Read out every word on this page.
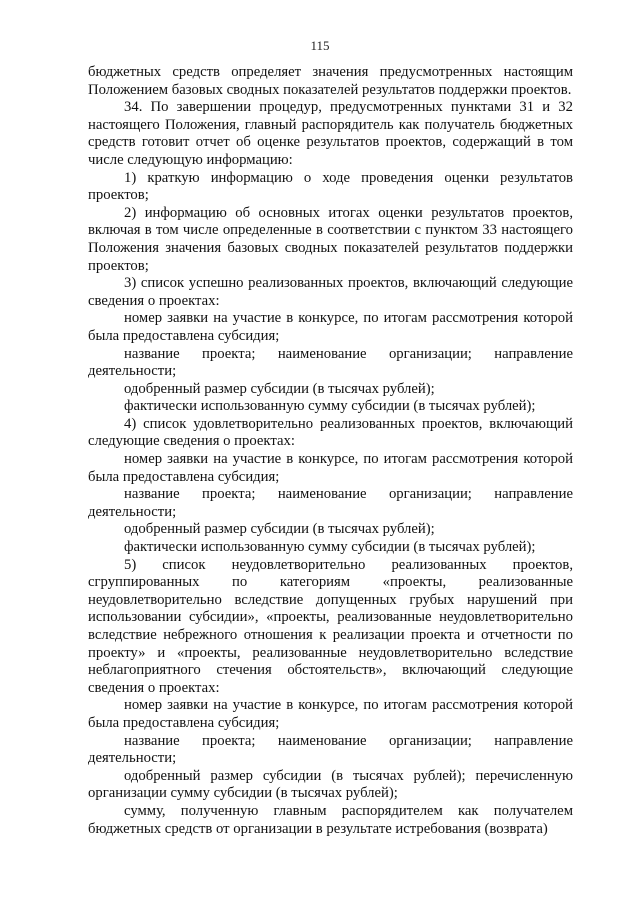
115

бюджетных средств определяет значения предусмотренных настоящим Положением базовых сводных показателей результатов поддержки проектов.

34. По завершении процедур, предусмотренных пунктами 31 и 32 настоящего Положения, главный распорядитель как получатель бюджетных средств готовит отчет об оценке результатов проектов, содержащий в том числе следующую информацию:

1) краткую информацию о ходе проведения оценки результатов проектов;

2) информацию об основных итогах оценки результатов проектов, включая в том числе определенные в соответствии с пунктом 33 настоящего Положения значения базовых сводных показателей результатов поддержки проектов;

3) список успешно реализованных проектов, включающий следующие сведения о проектах:

номер заявки на участие в конкурсе, по итогам рассмотрения которой была предоставлена субсидия;

название проекта; наименование организации; направление деятельности;

одобренный размер субсидии (в тысячах рублей);

фактически использованную сумму субсидии (в тысячах рублей);

4) список удовлетворительно реализованных проектов, включающий следующие сведения о проектах:

номер заявки на участие в конкурсе, по итогам рассмотрения которой была предоставлена субсидия;

название проекта; наименование организации; направление деятельности;

одобренный размер субсидии (в тысячах рублей);

фактически использованную сумму субсидии (в тысячах рублей);

5) список неудовлетворительно реализованных проектов, сгруппированных по категориям «проекты, реализованные неудовлетворительно вследствие допущенных грубых нарушений при использовании субсидии», «проекты, реализованные неудовлетворительно вследствие небрежного отношения к реализации проекта и отчетности по проекту» и «проекты, реализованные неудовлетворительно вследствие неблагоприятного стечения обстоятельств», включающий следующие сведения о проектах:

номер заявки на участие в конкурсе, по итогам рассмотрения которой была предоставлена субсидия;

название проекта; наименование организации; направление деятельности;

одобренный размер субсидии (в тысячах рублей); перечисленную организации сумму субсидии (в тысячах рублей);

сумму, полученную главным распорядителем как получателем бюджетных средств от организации в результате истребования (возврата)
